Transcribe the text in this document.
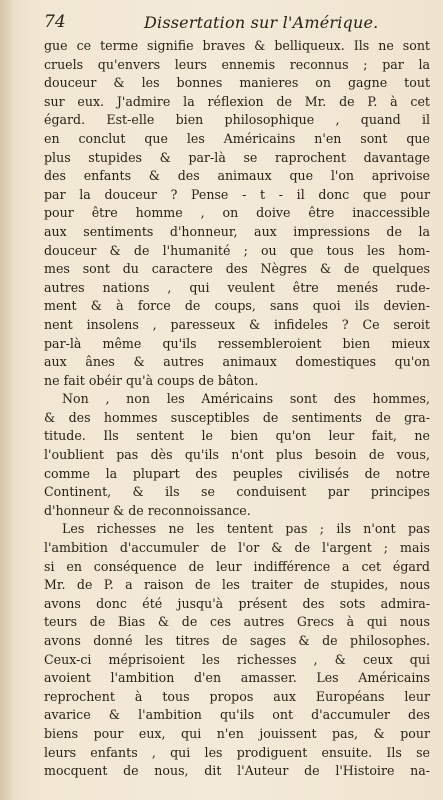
74	Dissertation sur l'Amérique.
gue ce terme signifie braves & belliqueux. Ils ne sont
cruels qu'envers leurs ennemis reconnus ; par la
douceur & les bonnes manieres on gagne tout
sur eux. J'admire la réflexion de Mr. de P. à cet
égard. Est-elle bien philosophique , quand il
en conclut que les Américains n'en sont que
plus stupides & par-là se raprochent davantage
des enfants & des animaux que l'on aprivoise
par la douceur ? Pense - t - il donc que pour
pour être homme , on doive être inaccessible
aux sentiments d'honneur, aux impressions de la
douceur & de l'humanité ; ou que tous les hom-
mes sont du caractere des Nègres & de quelques
autres nations , qui veulent être menés rude-
ment & à force de coups, sans quoi ils devien-
nent insolens , paresseux & infideles ? Ce seroit
par-là même qu'ils ressembleroient bien mieux
aux ânes & autres animaux domestiques qu'on
ne fait obéir qu'à coups de bâton.
Non , non les Américains sont des hommes,
& des hommes susceptibles de sentiments de gra-
titude. Ils sentent le bien qu'on leur fait, ne
l'oublient pas dès qu'ils n'ont plus besoin de vous,
comme la plupart des peuples civilisés de notre
Continent, & ils se conduisent par principes
d'honneur & de reconnoissance.
Les richesses ne les tentent pas ; ils n'ont pas
l'ambition d'accumuler de l'or & de l'argent ; mais
si en conséquence de leur indifférence a cet égard
Mr. de P. a raison de les traiter de stupides, nous
avons donc été jusqu'à présent des sots admira-
teurs de Bias & de ces autres Grecs à qui nous
avons donné les titres de sages & de philosophes.
Ceux-ci méprisoient les richesses , & ceux qui
avoient l'ambition d'en amasser. Les Américains
reprochent à tous propos aux Européans leur
avarice & l'ambition qu'ils ont d'accumuler des
biens pour eux, qui n'en jouissent pas, & pour
leurs enfants , qui les prodiguent ensuite. Ils se
mocquent de nous, dit l'Auteur de l'Histoire na-
